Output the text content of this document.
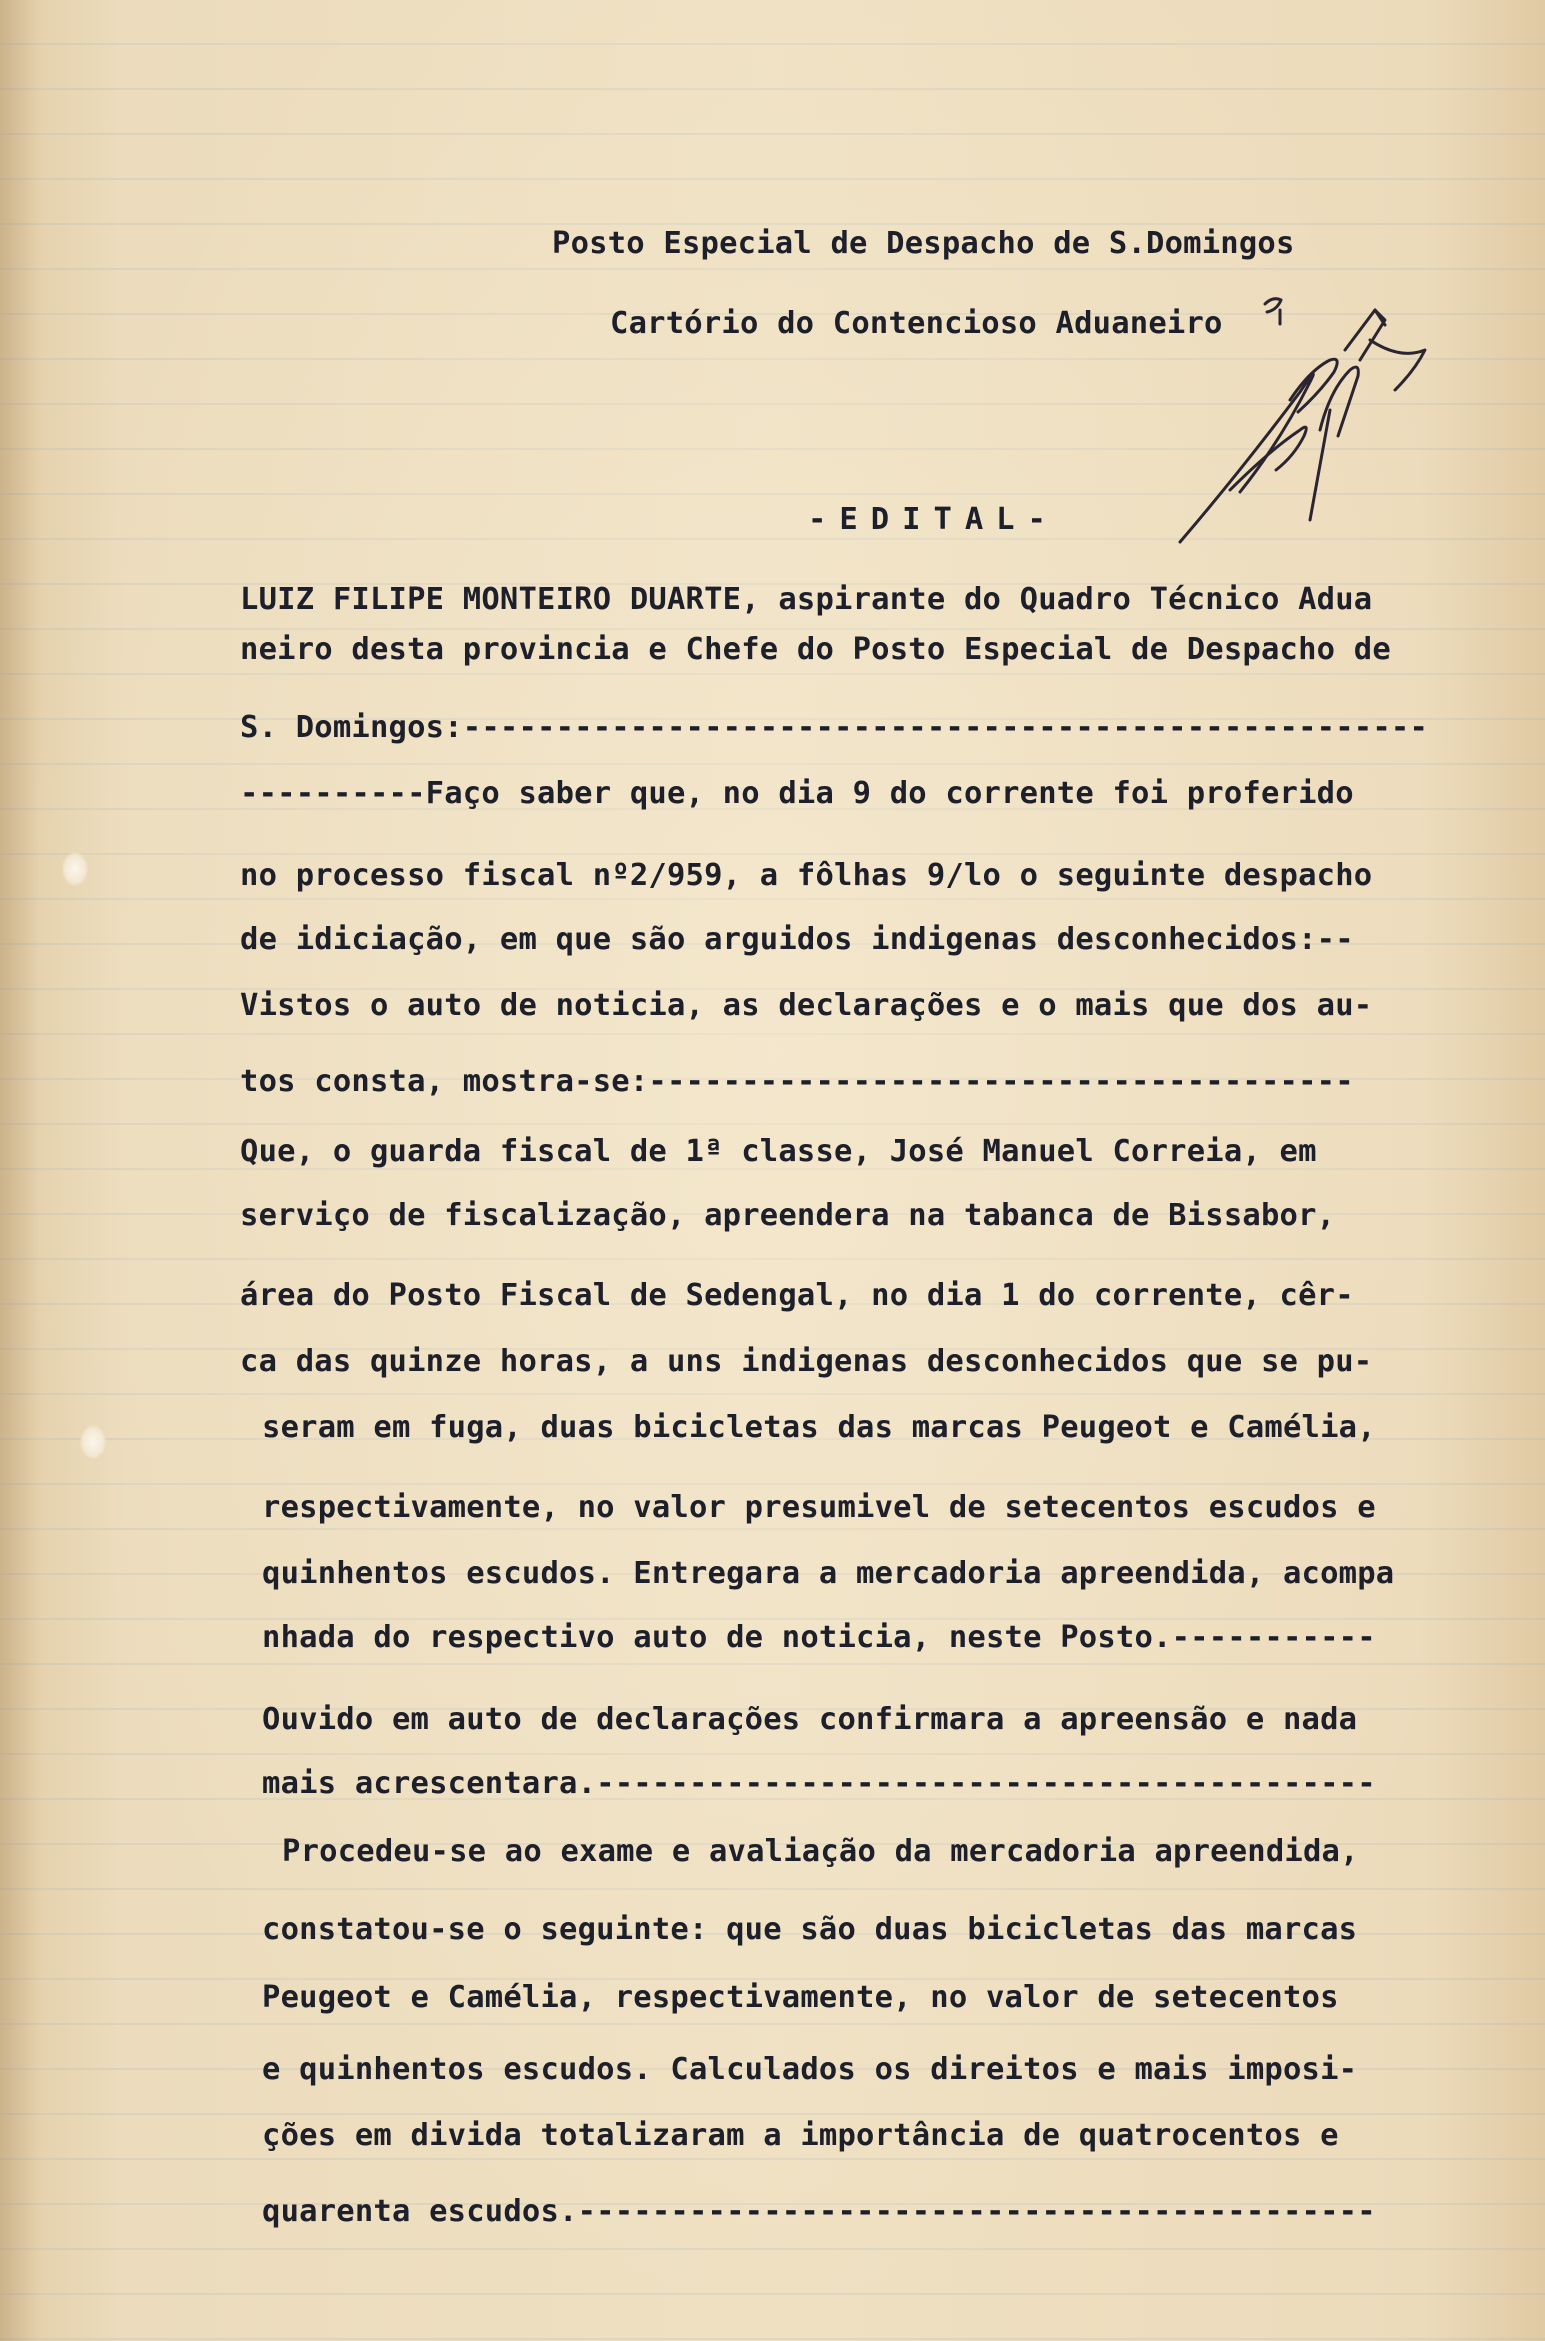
Posto Especial de Despacho de S.Domingos
Cartório do Contencioso Aduaneiro
-EDITAL-
LUIZ FILIPE MONTEIRO DUARTE, aspirante do Quadro Técnico Adua
neiro desta provincia e Chefe do Posto Especial de Despacho de
S. Domingos:----------------------------------------------------
----------Faço saber que, no dia 9 do corrente foi proferido
no processo fiscal nº2/959, a fôlhas 9/lo o seguinte despacho
de idiciação, em que são arguidos indigenas desconhecidos:--
Vistos o auto de noticia, as declarações e o mais que dos au-
tos consta, mostra-se:--------------------------------------
Que, o guarda fiscal de 1ª classe, José Manuel Correia, em
serviço de fiscalização, apreendera na tabanca de Bissabor,
área do Posto Fiscal de Sedengal, no dia 1 do corrente, cêr-
ca das quinze horas, a uns indigenas desconhecidos que se pu-
seram em fuga, duas bicicletas das marcas Peugeot e Camélia,
respectivamente, no valor presumivel de setecentos escudos e
quinhentos escudos. Entregara a mercadoria apreendida, acompa
nhada do respectivo auto de noticia, neste Posto.-----------
Ouvido em auto de declarações confirmara a apreensão e nada
mais acrescentara.------------------------------------------
Procedeu-se ao exame e avaliação da mercadoria apreendida,
constatou-se o seguinte: que são duas bicicletas das marcas
Peugeot e Camélia, respectivamente, no valor de setecentos
e quinhentos escudos. Calculados os direitos e mais imposi-
ções em divida totalizaram a importância de quatrocentos e
quarenta escudos.-------------------------------------------
